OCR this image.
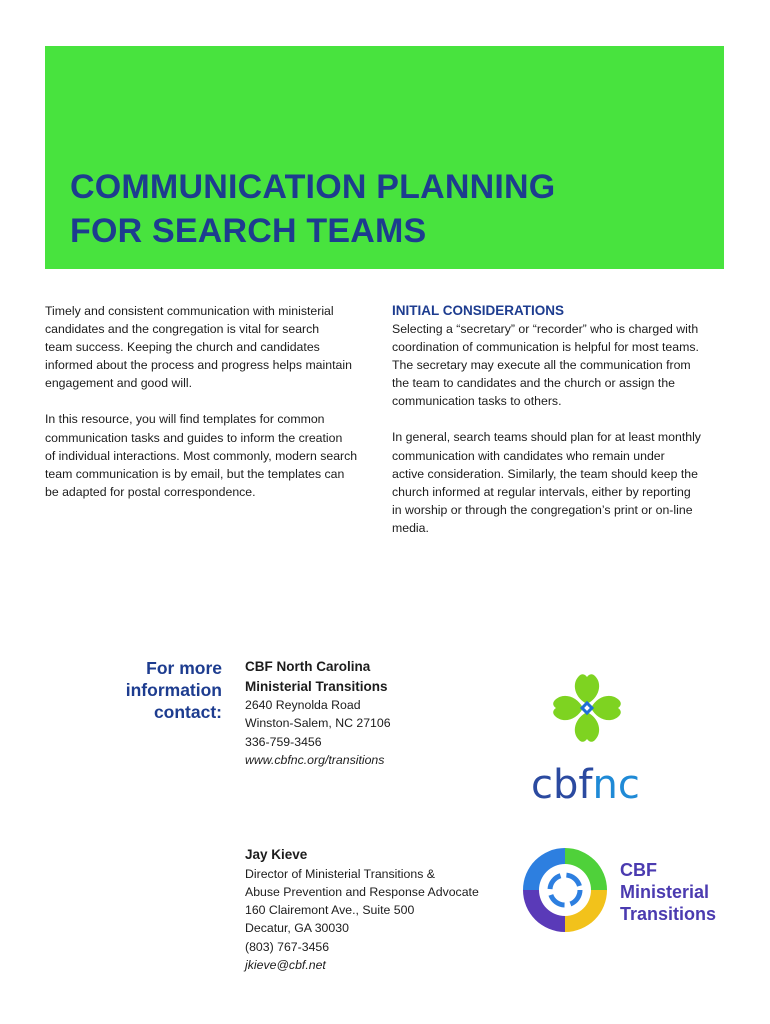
COMMUNICATION PLANNING
FOR SEARCH TEAMS

Timely and consistent communication with ministerial
candidates and the congregation is vital for search
team success. Keeping the church and candidates
informed about the process and progress helps maintain
engagement and good will.

In this resource, you will find templates for common
communication tasks and guides to inform the creation
of individual interactions. Most commonly, modern search
team communication is by email, but the templates can
be adapted for postal correspondence.

INITIAL CONSIDERATIONS

Selecting a “secretary” or “recorder” who is charged with
coordination of communication is helpful for most teams.
The secretary may execute all the communication from
the team to candidates and the church or assign the
communication tasks to others.

In general, search teams should plan for at least monthly
communication with candidates who remain under
active consideration. Similarly, the team should keep the
church informed at regular intervals, either by reporting
in worship or through the congregation’s print or on-line
media.

For more
information
contact:
CBF North Carolina
Ministerial Transitions
2640 Reynolda Road
Winston-Salem, NC 27106
336-759-3456
www.cbfnc.org/transitions
Jay Kieve
Director of Ministerial Transitions &
Abuse Prevention and Response Advocate
160 Clairemont Ave., Suite 500
Decatur, GA 30030
(803) 767-3456
jkieve@cbf.net
cbfnc
CBF
Ministerial
Transitions
